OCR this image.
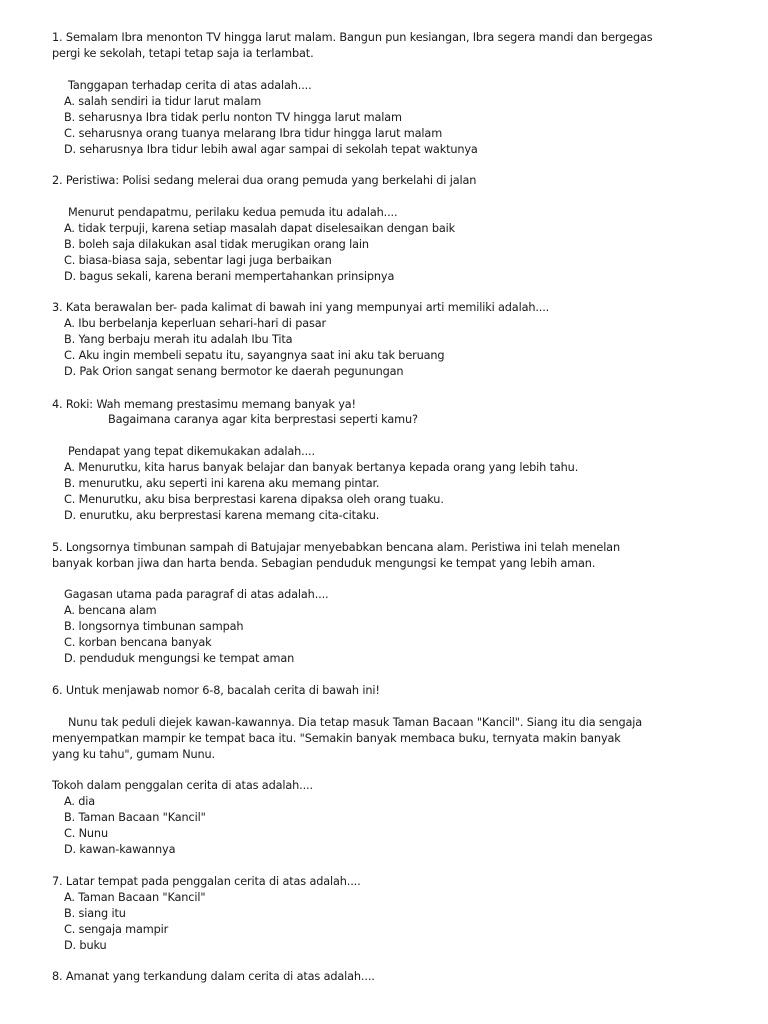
1. Semalam Ibra menonton TV hingga larut malam. Bangun pun kesiangan, Ibra segera mandi dan bergegas
pergi ke sekolah, tetapi tetap saja ia terlambat.
Tanggapan terhadap cerita di atas adalah....
A. salah sendiri ia tidur larut malam
B. seharusnya Ibra tidak perlu nonton TV hingga larut malam
C. seharusnya orang tuanya melarang Ibra tidur hingga larut malam
D. seharusnya Ibra tidur lebih awal agar sampai di sekolah tepat waktunya
2. Peristiwa: Polisi sedang melerai dua orang pemuda yang berkelahi di jalan
Menurut pendapatmu, perilaku kedua pemuda itu adalah....
A. tidak terpuji, karena setiap masalah dapat diselesaikan dengan baik
B. boleh saja dilakukan asal tidak merugikan orang lain
C. biasa-biasa saja, sebentar lagi juga berbaikan
D. bagus sekali, karena berani mempertahankan prinsipnya
3. Kata berawalan ber- pada kalimat di bawah ini yang mempunyai arti memiliki adalah....
A. Ibu berbelanja keperluan sehari-hari di pasar
B. Yang berbaju merah itu adalah Ibu Tita
C. Aku ingin membeli sepatu itu, sayangnya saat ini aku tak beruang
D. Pak Orion sangat senang bermotor ke daerah pegunungan
4. Roki: Wah memang prestasimu memang banyak ya!
Bagaimana caranya agar kita berprestasi seperti kamu?
Pendapat yang tepat dikemukakan adalah....
A. Menurutku, kita harus banyak belajar dan banyak bertanya kepada orang yang lebih tahu.
B. menurutku, aku seperti ini karena aku memang pintar.
C. Menurutku, aku bisa berprestasi karena dipaksa oleh orang tuaku.
D. enurutku, aku berprestasi karena memang cita-citaku.
5. Longsornya timbunan sampah di Batujajar menyebabkan bencana alam. Peristiwa ini telah menelan
banyak korban jiwa dan harta benda. Sebagian penduduk mengungsi ke tempat yang lebih aman.
Gagasan utama pada paragraf di atas adalah....
A. bencana alam
B. longsornya timbunan sampah
C. korban bencana banyak
D. penduduk mengungsi ke tempat aman
6. Untuk menjawab nomor 6-8, bacalah cerita di bawah ini!
Nunu tak peduli diejek kawan-kawannya. Dia tetap masuk Taman Bacaan "Kancil". Siang itu dia sengaja
menyempatkan mampir ke tempat baca itu. "Semakin banyak membaca buku, ternyata makin banyak
yang ku tahu", gumam Nunu.
Tokoh dalam penggalan cerita di atas adalah....
A. dia
B. Taman Bacaan "Kancil"
C. Nunu
D. kawan-kawannya
7. Latar tempat pada penggalan cerita di atas adalah....
A. Taman Bacaan "Kancil"
B. siang itu
C. sengaja mampir
D. buku
8. Amanat yang terkandung dalam cerita di atas adalah....
